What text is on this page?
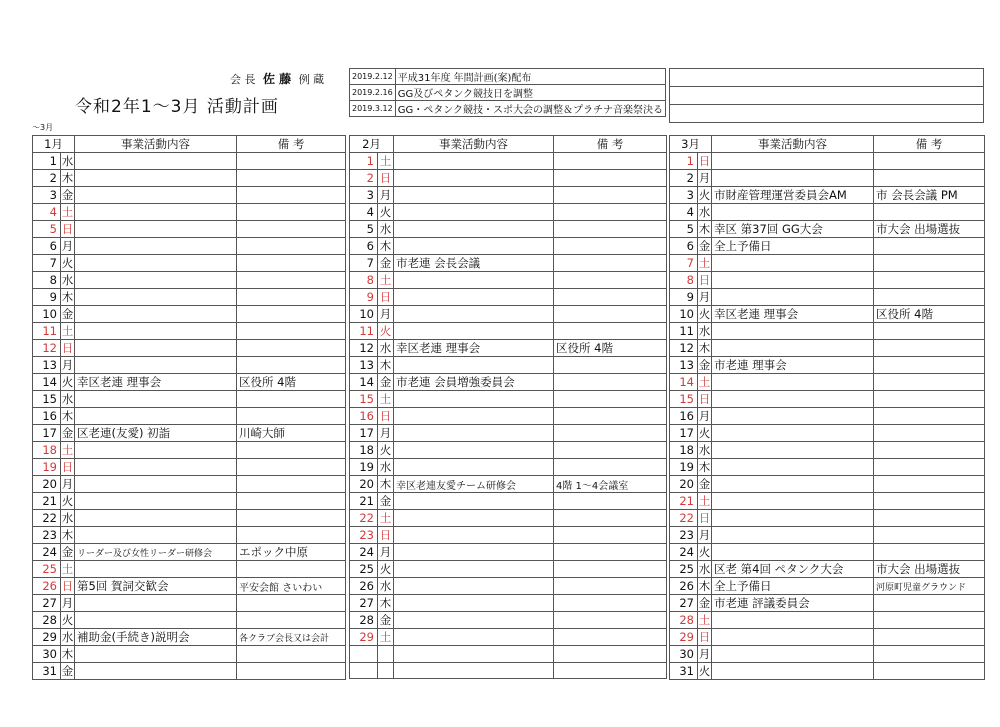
会 長 佐 藤 例 蔵
令和2年1～3月 活動計画
～3月
2019.2.12	平成31年度 年間計画(案)配布
2019.2.16	GG及びペタンク競技日を調整
2019.3.12	GG・ペタンク競技・スポ大会の調整＆プラチナ音楽祭決る

1月		事業活動内容	備 考
1	水		
2	木		
3	金		
4	土		
5	日		
6	月		
7	火		
8	水		
9	木		
10	金		
11	土		
12	日		
13	月		
14	火	幸区老連 理事会	区役所 4階
15	水		
16	木		
17	金	区老連(友愛) 初詣	川崎大師
18	土		
19	日		
20	月		
21	火		
22	水		
23	木		
24	金	リーダー及び女性リーダー研修会	エポック中原
25	土		
26	日	第5回 賀詞交歓会	平安会館 さいわい
27	月		
28	火		
29	水	補助金(手続き)説明会	各クラブ会長又は会計
30	木		
31	金		
2月		事業活動内容	備 考
1	土		
2	日		
3	月		
4	火		
5	水		
6	木		
7	金	市老連 会長会議	
8	土		
9	日		
10	月		
11	火		
12	水	幸区老連 理事会	区役所 4階
13	木		
14	金	市老連 会員増強委員会	
15	土		
16	日		
17	月		
18	火		
19	水		
20	木	幸区老連友愛チーム研修会	4階 1～4会議室
21	金		
22	土		
23	日		
24	月		
25	火		
26	水		
27	木		
28	金		
29	土		

3月		事業活動内容	備 考
1	日		
2	月		
3	火	市財産管理運営委員会AM	市 会長会議 PM
4	水		
5	木	幸区 第37回 GG大会	市大会 出場選抜
6	金	全上予備日	
7	土		
8	日		
9	月		
10	火	幸区老連 理事会	区役所 4階
11	水		
12	木		
13	金	市老連 理事会	
14	土		
15	日		
16	月		
17	火		
18	水		
19	木		
20	金		
21	土		
22	日		
23	月		
24	火		
25	水	区老 第4回 ペタンク大会	市大会 出場選抜
26	木	全上予備日	河原町児童グラウンド
27	金	市老連 評議委員会	
28	土		
29	日		
30	月		
31	火		
